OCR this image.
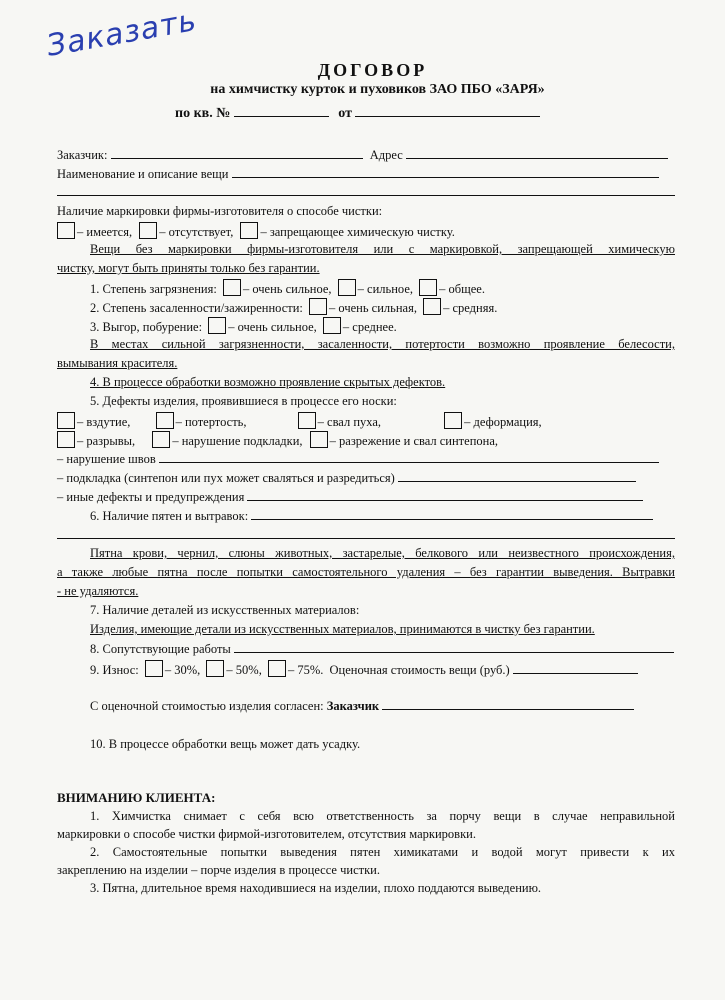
Заказать
ДОГОВОР
на химчистку курток и пуховиков ЗАО ПБО «ЗАРЯ»
по кв. №	от
Заказчик:	Адрес
Наименование и описание вещи
Наличие маркировки фирмы-изготовителя о способе чистки:
– имеется, – отсутствует, – запрещающее химическую чистку.
Вещи без маркировки фирмы-изготовителя или с маркировкой, запрещающей химическую
чистку, могут быть приняты только без гарантии.
1. Степень загрязнения: – очень сильное, – сильное, – общее.
2. Степень засаленности/зажиренности: – очень сильная, – средняя.
3. Выгор, побурение: – очень сильное, – среднее.
В местах сильной загрязненности, засаленности, потертости возможно проявление белесости,
вымывания красителя.
4. В процессе обработки возможно проявление скрытых дефектов.
5. Дефекты изделия, проявившиеся в процессе его носки:
– вздутие,	– потертость,	– свал пуха,	– деформация,
– разрывы,	– нарушение подкладки, – разрежение и свал синтепона,
– нарушение швов
– подкладка (синтепон или пух может сваляться и разредиться)
– иные дефекты и предупреждения
6. Наличие пятен и вытравок:
Пятна крови, чернил, слюны животных, застарелые, белкового или неизвестного происхождения,
а также любые пятна после попытки самостоятельного удаления – без гарантии выведения. Вытравки
- не удаляются.
7. Наличие деталей из искусственных материалов:
Изделия, имеющие детали из искусственных материалов, принимаются в чистку без гарантии.
8. Сопутствующие работы
9. Износ: – 30%, – 50%, – 75%. Оценочная стоимость вещи (руб.)
С оценочной стоимостью изделия согласен: Заказчик
10. В процессе обработки вещь может дать усадку.
ВНИМАНИЮ КЛИЕНТА:
1. Химчистка снимает с себя всю ответственность за порчу вещи в случае неправильной
маркировки о способе чистки фирмой-изготовителем, отсутствия маркировки.
2. Самостоятельные попытки выведения пятен химикатами и водой могут привести к их
закреплению на изделии – порче изделия в процессе чистки.
3. Пятна, длительное время находившиеся на изделии, плохо поддаются выведению.
